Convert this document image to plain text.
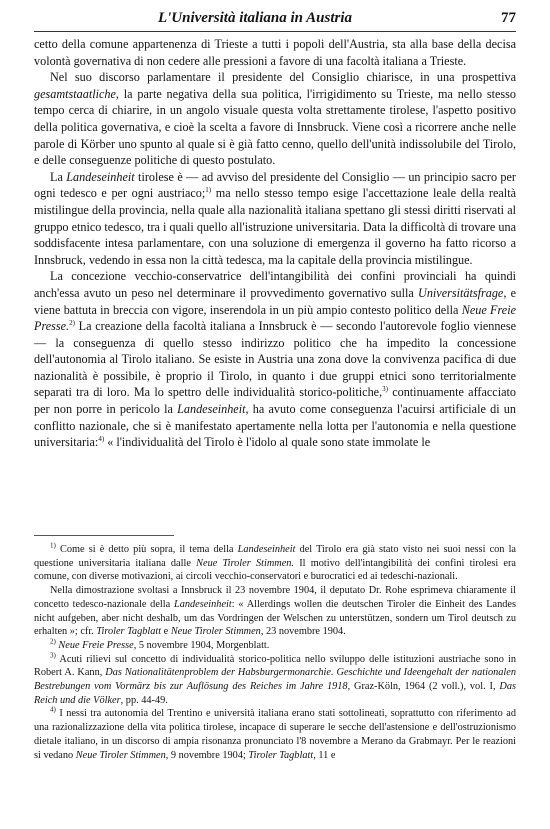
L'Università italiana in Austria	77

cetto della comune appartenenza di Trieste a tutti i popoli dell'Austria, sta alla base della decisa volontà governativa di non cedere alle pressioni a favore di una facoltà italiana a Trieste.

Nel suo discorso parlamentare il presidente del Consiglio chiarisce, in una prospettiva gesamtstaatliche, la parte negativa della sua politica, l'irrigidimento su Trieste, ma nello stesso tempo cerca di chiarire, in un angolo visuale questa volta strettamente tirolese, l'aspetto positivo della politica governativa, e cioè la scelta a favore di Innsbruck. Viene così a ricorrere anche nelle parole di Körber uno spunto al quale si è già fatto cenno, quello dell'unità indissolubile del Tirolo, e delle conseguenze politiche di questo postulato.

La Landeseinheit tirolese è — ad avviso del presidente del Consiglio — un principio sacro per ogni tedesco e per ogni austriaco;$^{1)}$ ma nello stesso tempo esige l'accettazione leale della realtà mistilingue della provincia, nella quale alla nazionalità italiana spettano gli stessi diritti riservati al gruppo etnico tedesco, tra i quali quello all'istruzione universitaria. Data la difficoltà di trovare una soddisfacente intesa parlamentare, con una soluzione di emergenza il governo ha fatto ricorso a Innsbruck, vedendo in essa non la città tedesca, ma la capitale della provincia mistilingue.

La concezione vecchio-conservatrice dell'intangibilità dei confini provinciali ha quindi anch'essa avuto un peso nel determinare il provvedimento governativo sulla Universitätsfrage, e viene battuta in breccia con vigore, inserendola in un più ampio contesto politico della Neue Freie Presse.$^{2)}$ La creazione della facoltà italiana a Innsbruck è — secondo l'autorevole foglio viennese — la conseguenza di quello stesso indirizzo politico che ha impedito la concessione dell'autonomia al Tirolo italiano. Se esiste in Austria una zona dove la convivenza pacifica di due nazionalità è possibile, è proprio il Tirolo, in quanto i due gruppi etnici sono territorialmente separati tra di loro. Ma lo spettro delle individualità storico-politiche,$^{3)}$ continuamente affacciato per non porre in pericolo la Landeseinheit, ha avuto come conseguenza l'acuirsi artificiale di un conflitto nazionale, che si è manifestato apertamente nella lotta per l'autonomia e nella questione universitaria:$^{4)}$ « l'individualità del Tirolo è l'idolo al quale sono state immolate le

$^{1)}$ Come si è detto più sopra, il tema della Landeseinheit del Tirolo era già stato visto nei suoi nessi con la questione universitaria italiana dalle Neue Tiroler Stimmen. Il motivo dell'intangibilità dei confini tirolesi era comune, con diverse motivazioni, ai circoli vecchio-conservatori e burocratici ed ai tedeschi-nazionali.

Nella dimostrazione svoltasi a Innsbruck il 23 novembre 1904, il deputato Dr. Rohe esprimeva chiaramente il concetto tedesco-nazionale della Landeseinheit: « Allerdings wollen die deutschen Tiroler die Einheit des Landes nicht aufgeben, aber nicht deshalb, um das Vordringen der Welschen zu unterstützen, sondern um Tirol deutsch zu erhalten »; cfr. Tiroler Tagblatt e Neue Tiroler Stimmen, 23 novembre 1904.

$^{2)}$ Neue Freie Presse, 5 novembre 1904, Morgenblatt.

$^{3)}$ Acuti rilievi sul concetto di individualità storico-politica nello sviluppo delle istituzioni austriache sono in Robert A. Kann, Das Nationalitätenproblem der Habsburgermonarchie. Geschichte und Ideengehalt der nationalen Bestrebungen vom Vormärz bis zur Auflösung des Reiches im Jahre 1918, Graz-Köln, 1964 (2 voll.), vol. I, Das Reich und die Völker, pp. 44-49.

$^{4)}$ I nessi tra autonomia del Trentino e università italiana erano stati sottolineati, soprattutto con riferimento ad una razionalizzazione della vita politica tirolese, incapace di superare le secche dell'astensione e dell'ostruzionismo dietale italiano, in un discorso di ampia risonanza pronunciato l'8 novembre a Merano da Grabmayr. Per le reazioni si vedano Neue Tiroler Stimmen, 9 novembre 1904; Tiroler Tagblatt, 11 e
